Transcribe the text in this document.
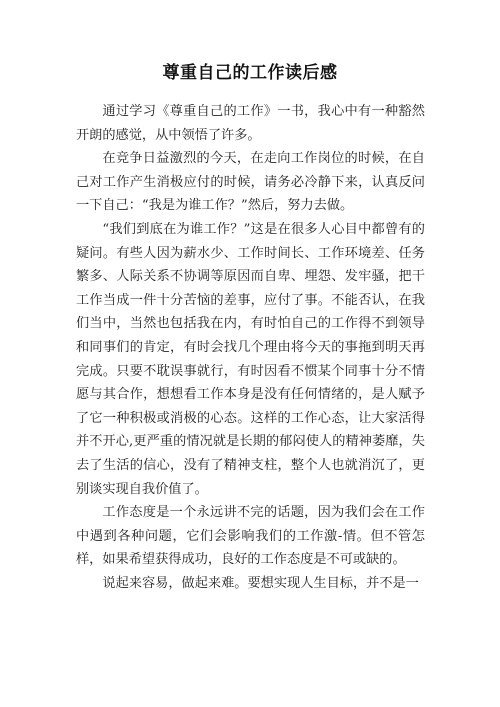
尊重自己的工作读后感

通过学习《尊重自己的工作》一书，我心中有一种豁然开朗的感觉，从中领悟了许多。

在竞争日益激烈的今天，在走向工作岗位的时候，在自己对工作产生消极应付的时候，请务必冷静下来，认真反问一下自己：“我是为谁工作？”然后，努力去做。

“我们到底在为谁工作？”这是在很多人心目中都曾有的疑问。有些人因为薪水少、工作时间长、工作环境差、任务繁多、人际关系不协调等原因而自卑、埋怨、发牢骚，把干工作当成一件十分苦恼的差事，应付了事。不能否认，在我们当中，当然也包括我在内，有时怕自己的工作得不到领导和同事们的肯定，有时会找几个理由将今天的事拖到明天再完成。只要不耽误事就行，有时因看不惯某个同事十分不情愿与其合作，想想看工作本身是没有任何情绪的，是人赋予了它一种积极或消极的心态。这样的工作心态，让大家活得并不开心,更严重的情况就是长期的郁闷使人的精神萎靡，失去了生活的信心，没有了精神支柱，整个人也就消沉了，更别谈实现自我价值了。

工作态度是一个永远讲不完的话题，因为我们会在工作中遇到各种问题，它们会影响我们的工作激-情。但不管怎样，如果希望获得成功，良好的工作态度是不可或缺的。

说起来容易，做起来难。要想实现人生目标，并不是一
